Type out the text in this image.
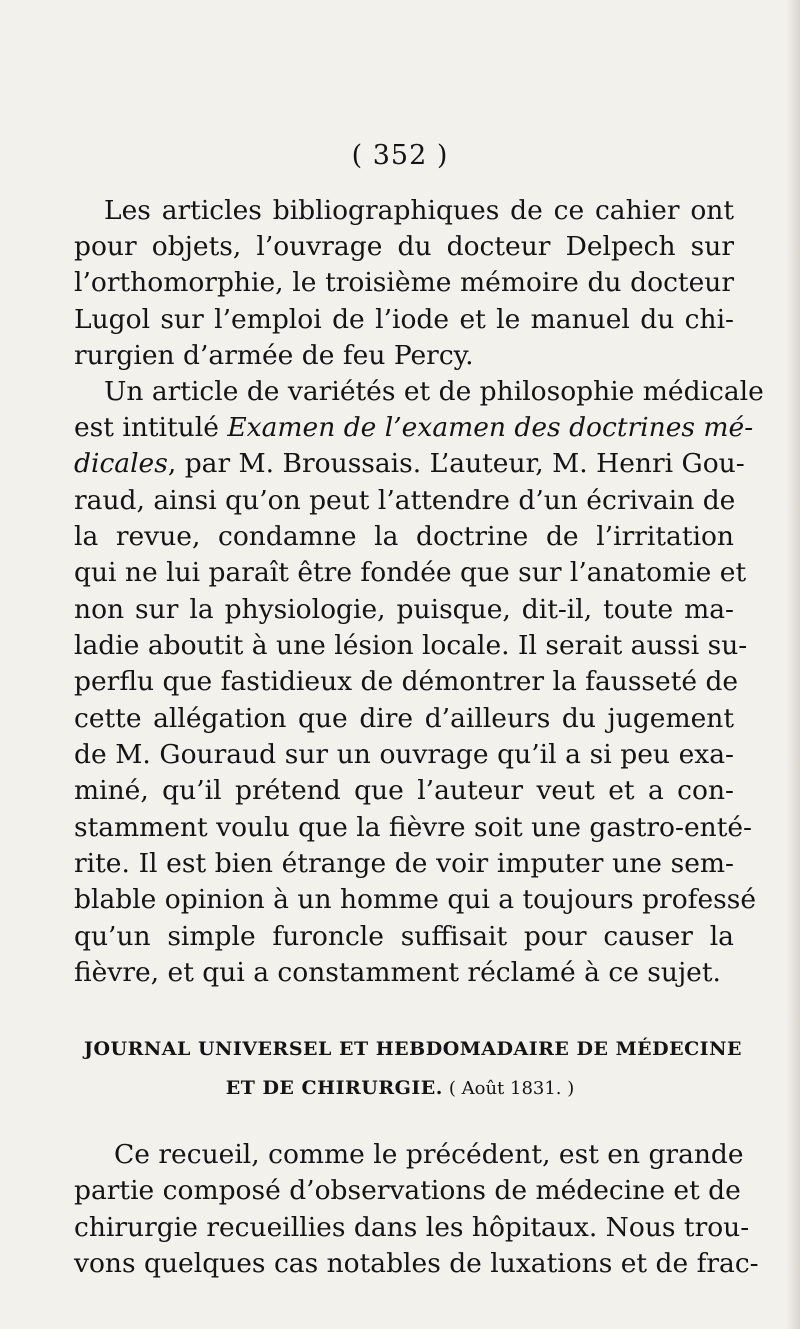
( 352 )
Les articles bibliographiques de ce cahier ont
pour objets, l’ouvrage du docteur Delpech sur
l’orthomorphie, le troisième mémoire du docteur
Lugol sur l’emploi de l’iode et le manuel du chi-
rurgien d’armée de feu Percy.
Un article de variétés et de philosophie médicale
est intitulé Examen de l’examen des doctrines mé-
dicales, par M. Broussais. L’auteur, M. Henri Gou-
raud, ainsi qu’on peut l’attendre d’un écrivain de
la revue, condamne la doctrine de l’irritation
qui ne lui paraît être fondée que sur l’anatomie et
non sur la physiologie, puisque, dit-il, toute ma-
ladie aboutit à une lésion locale. Il serait aussi su-
perflu que fastidieux de démontrer la fausseté de
cette allégation que dire d’ailleurs du jugement
de M. Gouraud sur un ouvrage qu’il a si peu exa-
miné, qu’il prétend que l’auteur veut et a con-
stamment voulu que la fièvre soit une gastro-enté-
rite. Il est bien étrange de voir imputer une sem-
blable opinion à un homme qui a toujours professé
qu’un simple furoncle suffisait pour causer la
fièvre, et qui a constamment réclamé à ce sujet.
JOURNAL UNIVERSEL ET HEBDOMADAIRE DE MÉDECINE
ET DE CHIRURGIE. ( Août 1831. )
Ce recueil, comme le précédent, est en grande
partie composé d’observations de médecine et de
chirurgie recueillies dans les hôpitaux. Nous trou-
vons quelques cas notables de luxations et de frac-
